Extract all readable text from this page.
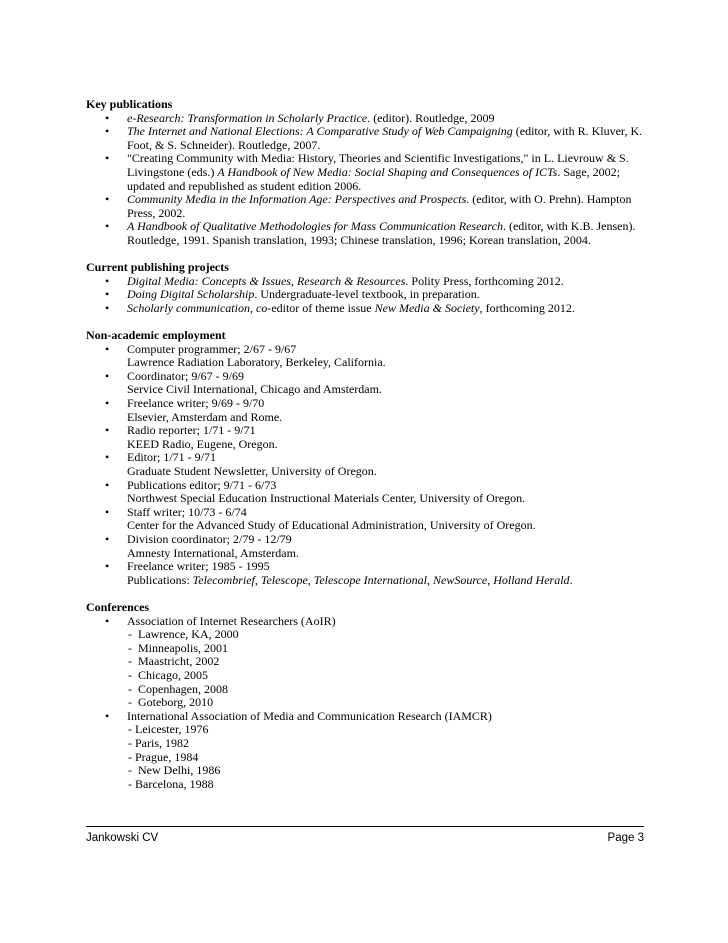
Key publications
• e-Research: Transformation in Scholarly Practice. (editor). Routledge, 2009
• The Internet and National Elections: A Comparative Study of Web Campaigning (editor, with R. Kluver, K. Foot, & S. Schneider). Routledge, 2007.
• "Creating Community with Media: History, Theories and Scientific Investigations," in L. Lievrouw & S. Livingstone (eds.) A Handbook of New Media: Social Shaping and Consequences of ICTs. Sage, 2002; updated and republished as student edition 2006.
• Community Media in the Information Age: Perspectives and Prospects. (editor, with O. Prehn). Hampton Press, 2002.
• A Handbook of Qualitative Methodologies for Mass Communication Research. (editor, with K.B. Jensen). Routledge, 1991. Spanish translation, 1993; Chinese translation, 1996; Korean translation, 2004.
Current publishing projects
• Digital Media: Concepts & Issues, Research & Resources. Polity Press, forthcoming 2012.
• Doing Digital Scholarship. Undergraduate-level textbook, in preparation.
• Scholarly communication, co-editor of theme issue New Media & Society, forthcoming 2012.
Non-academic employment
• Computer programmer; 2/67 - 9/67
Lawrence Radiation Laboratory, Berkeley, California.
• Coordinator; 9/67 - 9/69
Service Civil International, Chicago and Amsterdam.
• Freelance writer; 9/69 - 9/70
Elsevier, Amsterdam and Rome.
• Radio reporter; 1/71 - 9/71
KEED Radio, Eugene, Oregon.
• Editor; 1/71 - 9/71
Graduate Student Newsletter, University of Oregon.
• Publications editor; 9/71 - 6/73
Northwest Special Education Instructional Materials Center, University of Oregon.
• Staff writer; 10/73 - 6/74
Center for the Advanced Study of Educational Administration, University of Oregon.
• Division coordinator; 2/79 - 12/79
Amnesty International, Amsterdam.
• Freelance writer; 1985 - 1995
Publications: Telecombrief, Telescope, Telescope International, NewSource, Holland Herald.
Conferences
• Association of Internet Researchers (AoIR)
-  Lawrence, KA, 2000
-  Minneapolis, 2001
-  Maastricht, 2002
-  Chicago, 2005
-  Copenhagen, 2008
-  Goteborg, 2010
• International Association of Media and Communication Research (IAMCR)
- Leicester, 1976
- Paris, 1982
- Prague, 1984
-  New Delhi, 1986
- Barcelona, 1988
Jankowski CV	Page 3
